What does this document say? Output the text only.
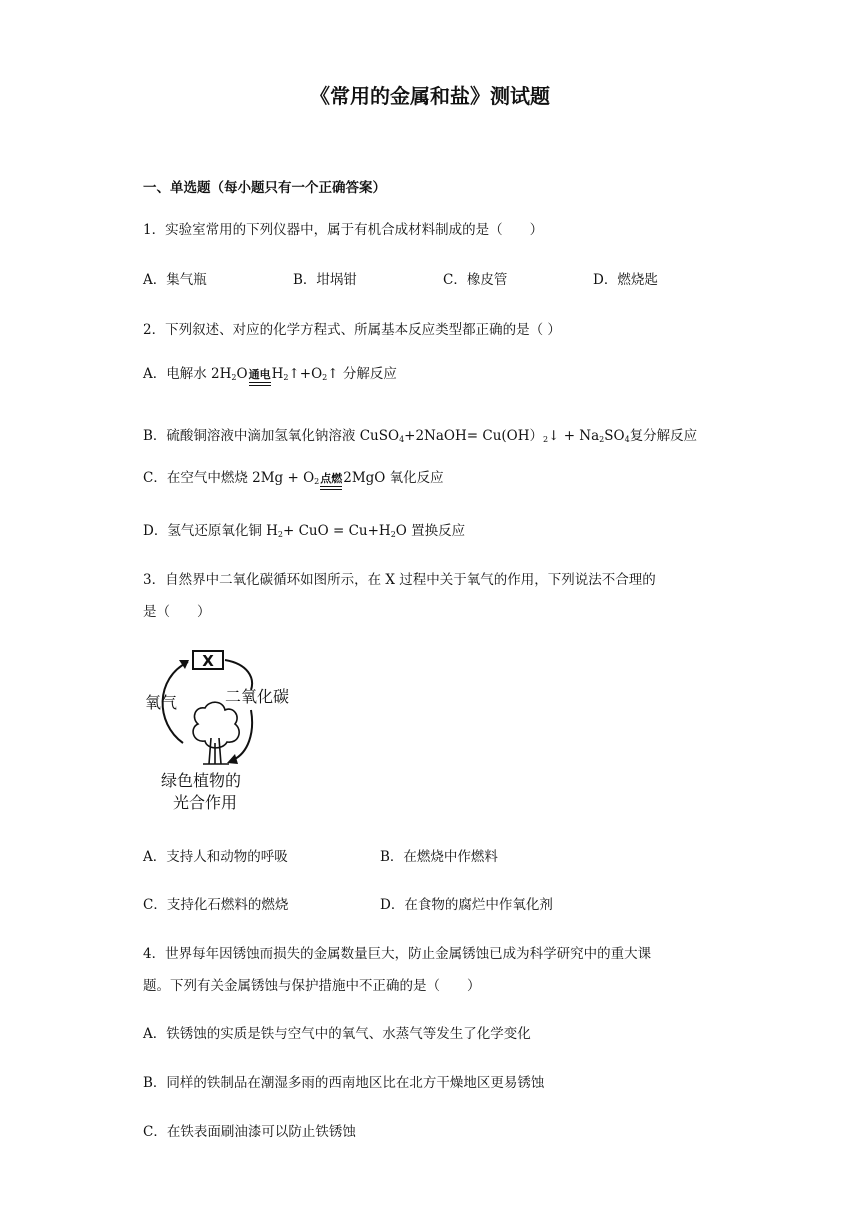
《常用的金属和盐》测试题
一、单选题（每小题只有一个正确答案）
1．实验室常用的下列仪器中，属于有机合成材料制成的是（　　）
A．集气瓶	B．坩埚钳	C．橡皮管	D．燃烧匙
2．下列叙述、对应的化学方程式、所属基本反应类型都正确的是（ ）
A．电解水 $2H_2O$ 通电 $H_2↑+O_2↑$ 分解反应
B．硫酸铜溶液中滴加氢氧化钠溶液 CuSO$_4$+2NaOH= $Cu(OH)_2↓ + Na_2SO_4$复分解反应
C．在空气中燃烧 $2Mg + O_2$ 点燃 2MgO 氧化反应
D．氢气还原氧化铜 $H_2+$ CuO = $Cu+H_2O$ 置换反应
3．自然界中二氧化碳循环如图所示，在 X 过程中关于氧气的作用，下列说法不合理的
是（　　）
X
氧气	二氧化碳
绿色植物的
光合作用
A．支持人和动物的呼吸	B．在燃烧中作燃料
C．支持化石燃料的燃烧	D．在食物的腐烂中作氧化剂
4．世界每年因锈蚀而损失的金属数量巨大，防止金属锈蚀已成为科学研究中的重大课
题。下列有关金属锈蚀与保护措施中不正确的是（　　）
A．铁锈蚀的实质是铁与空气中的氧气、水蒸气等发生了化学变化
B．同样的铁制品在潮湿多雨的西南地区比在北方干燥地区更易锈蚀
C．在铁表面刷油漆可以防止铁锈蚀
